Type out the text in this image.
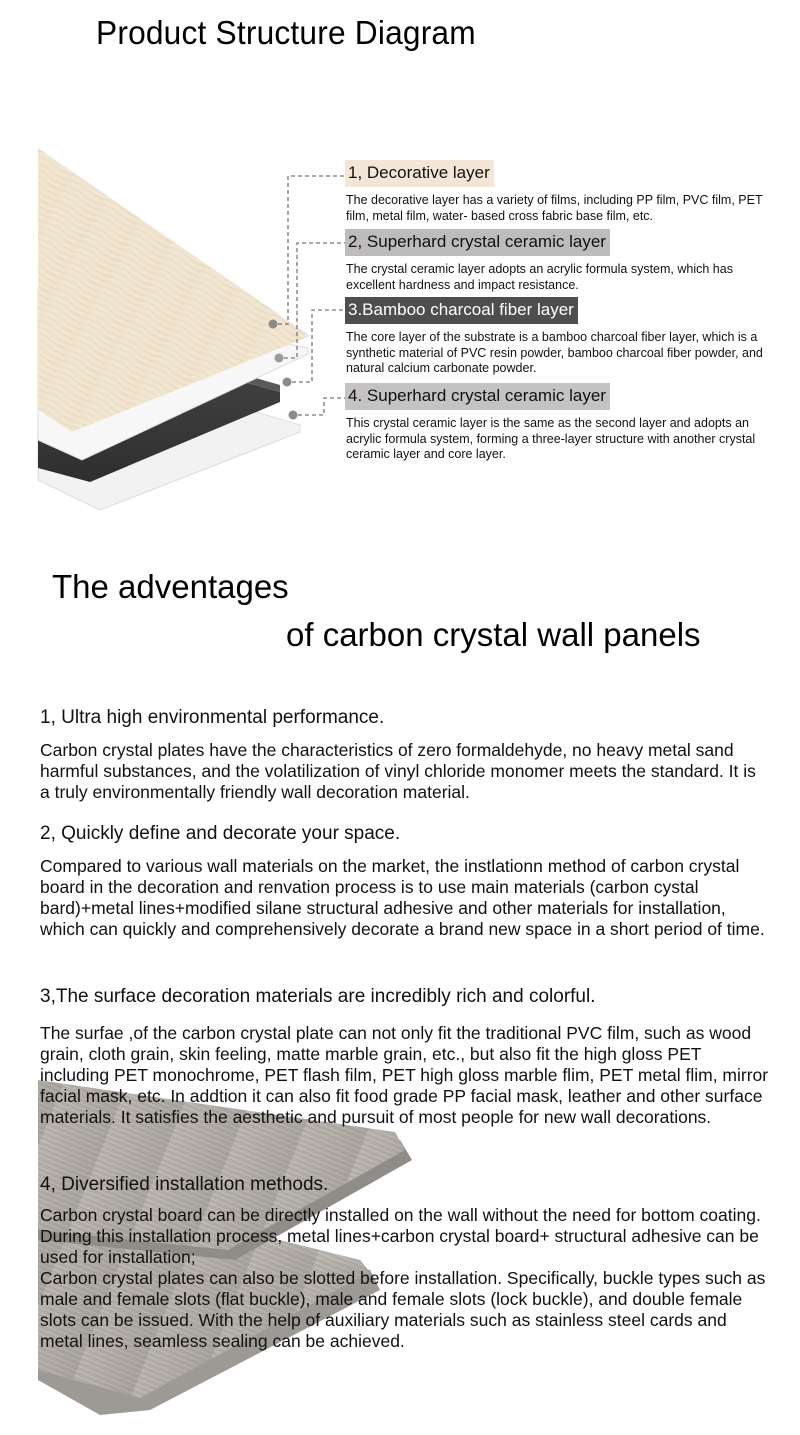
Product Structure Diagram
1, Decorative layer
The decorative layer has a variety of films, including PP film, PVC film, PET film, metal film, water- based cross fabric base film, etc.
2, Superhard crystal ceramic layer
The crystal ceramic layer adopts an acrylic formula system, which has excellent hardness and impact resistance.
3.Bamboo charcoal fiber layer
The core layer of the substrate is a bamboo charcoal fiber layer, which is a synthetic material of PVC resin powder, bamboo charcoal fiber powder, and natural calcium carbonate powder.
4. Superhard crystal ceramic layer
This crystal ceramic layer is the same as the second layer and adopts an acrylic formula system, forming a three-layer structure with another crystal ceramic layer and core layer.
The adventages
of carbon crystal wall panels
1, Ultra high environmental performance.

Carbon crystal plates have the characteristics of zero formaldehyde, no heavy metal sand harmful substances, and the volatilization of vinyl chloride monomer meets the standard. It is a truly environmentally friendly wall decoration material.

2, Quickly define and decorate your space.

Compared to various wall materials on the market, the instlationn method of carbon crystal board in the decoration and renvation process is to use main materials (carbon cystal bard)+metal lines+modified silane structural adhesive and other materials for installation, which can quickly and comprehensively decorate a brand new space in a short period of time.

3,The surface decoration materials are incredibly rich and colorful.

The surfae ,of the carbon crystal plate can not only fit the traditional PVC film, such as wood grain, cloth grain, skin feeling, matte marble grain, etc., but also fit the high gloss PET including PET monochrome, PET flash film, PET high gloss marble flim, PET metal flim, mirror facial mask, etc. In addtion it can also fit food grade PP facial mask, leather and other surface materials. It satisfies the aesthetic and pursuit of most people for new wall decorations.

4, Diversified installation methods.

Carbon crystal board can be directly installed on the wall without the need for bottom coating. During this installation process, metal lines+carbon crystal board+ structural adhesive can be used for installation;

Carbon crystal plates can also be slotted before installation. Specifically, buckle types such as male and female slots (flat buckle), male and female slots (lock buckle), and double female slots can be issued. With the help of auxiliary materials such as stainless steel cards and metal lines, seamless sealing can be achieved.
